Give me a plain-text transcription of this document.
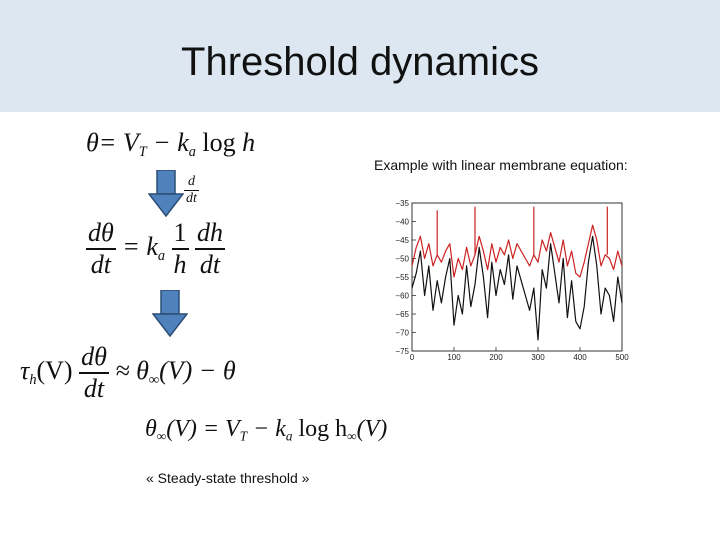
Threshold dynamics
$\theta= V_T - k_a$ log h
$\frac{d}{dt}$
$\frac{d\theta}{dt} = k_a \frac{1}{h}$
$\frac{dh}{dt}$
$\tau_h(V) \frac{d\theta}{dt} \approx \theta_\infty(V) - \theta$
$\theta_\infty(V) = V_T - k_a$ $\log h_\infty(V)$
« Steady-state threshold »
Example with linear membrane equation:
−35
−40
−45
−50
−55
−60
−65
−70
−75
0	100	200	300	400	500
